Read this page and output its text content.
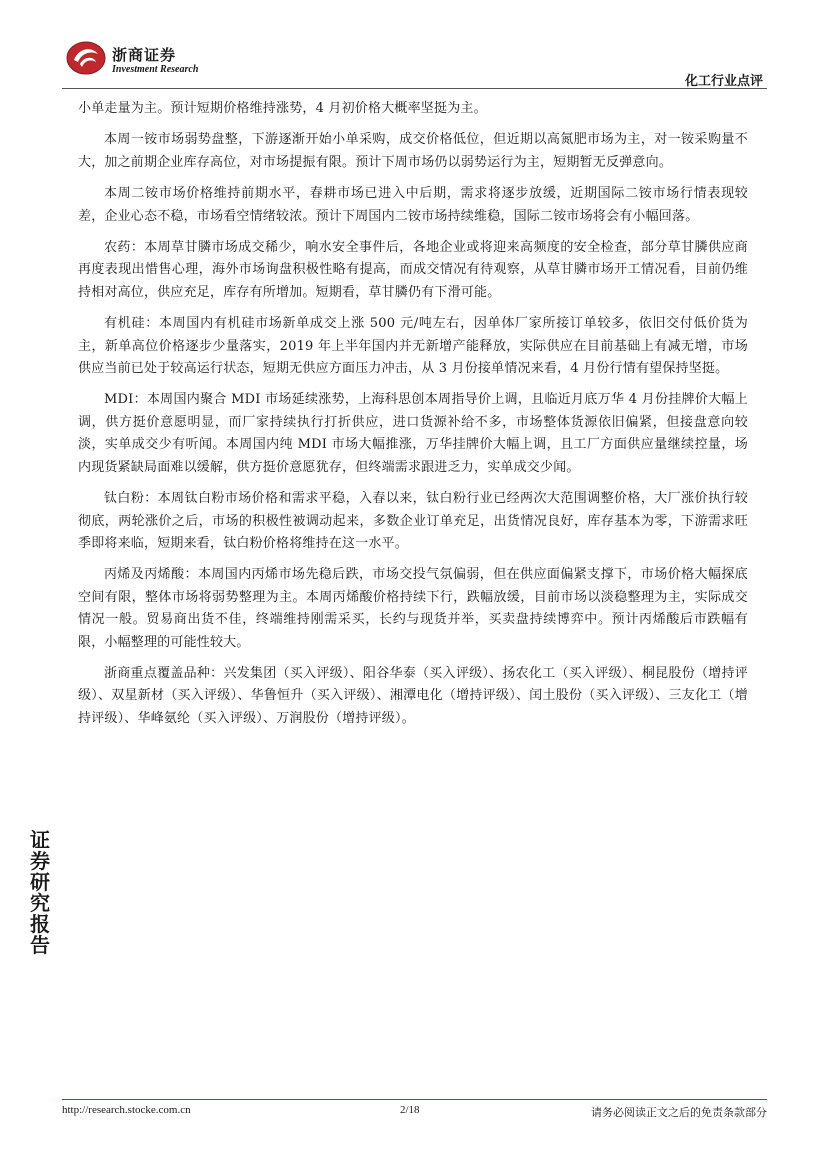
浙商证券
Investment Research
化工行业点评

小单走量为主。预计短期价格维持涨势，4 月初价格大概率坚挺为主。

本周一铵市场弱势盘整，下游逐渐开始小单采购，成交价格低位，但近期以高氮肥市场为主，对一铵采购量不大，加之前期企业库存高位，对市场提振有限。预计下周市场仍以弱势运行为主，短期暂无反弹意向。

本周二铵市场价格维持前期水平，春耕市场已进入中后期，需求将逐步放缓，近期国际二铵市场行情表现较差，企业心态不稳，市场看空情绪较浓。预计下周国内二铵市场持续维稳，国际二铵市场将会有小幅回落。

农药：本周草甘膦市场成交稀少，响水安全事件后，各地企业或将迎来高频度的安全检查，部分草甘膦供应商再度表现出惜售心理，海外市场询盘积极性略有提高，而成交情况有待观察，从草甘膦市场开工情况看，目前仍维持相对高位，供应充足，库存有所增加。短期看，草甘膦仍有下滑可能。

有机硅：本周国内有机硅市场新单成交上涨 500 元/吨左右，因单体厂家所接订单较多，依旧交付低价货为主，新单高位价格逐步少量落实，2019 年上半年国内并无新增产能释放，实际供应在目前基础上有减无增，市场供应当前已处于较高运行状态，短期无供应方面压力冲击，从 3 月份接单情况来看，4 月份行情有望保持坚挺。

MDI：本周国内聚合 MDI 市场延续涨势，上海科思创本周指导价上调，且临近月底万华 4 月份挂牌价大幅上调，供方挺价意愿明显，而厂家持续执行打折供应，进口货源补给不多，市场整体货源依旧偏紧，但接盘意向较淡，实单成交少有听闻。本周国内纯 MDI 市场大幅推涨，万华挂牌价大幅上调，且工厂方面供应量继续控量，场内现货紧缺局面难以缓解，供方挺价意愿犹存，但终端需求跟进乏力，实单成交少闻。

钛白粉：本周钛白粉市场价格和需求平稳，入春以来，钛白粉行业已经两次大范围调整价格，大厂涨价执行较彻底，两轮涨价之后，市场的积极性被调动起来，多数企业订单充足，出货情况良好，库存基本为零，下游需求旺季即将来临，短期来看，钛白粉价格将维持在这一水平。

丙烯及丙烯酸：本周国内丙烯市场先稳后跌，市场交投气氛偏弱，但在供应面偏紧支撑下，市场价格大幅探底空间有限，整体市场将弱势整理为主。本周丙烯酸价格持续下行，跌幅放缓，目前市场以淡稳整理为主，实际成交情况一般。贸易商出货不佳，终端维持刚需采买，长约与现货并举，买卖盘持续博弈中。预计丙烯酸后市跌幅有限，小幅整理的可能性较大。

浙商重点覆盖品种：兴发集团（买入评级）、阳谷华泰（买入评级）、扬农化工（买入评级）、桐昆股份（增持评级）、双星新材（买入评级）、华鲁恒升（买入评级）、湘潭电化（增持评级）、闰土股份（买入评级）、三友化工（增持评级）、华峰氨纶（买入评级）、万润股份（增持评级）。

证
券
研
究
报
告
http://research.stocke.com.cn	2/18	请务必阅读正文之后的免责条款部分
